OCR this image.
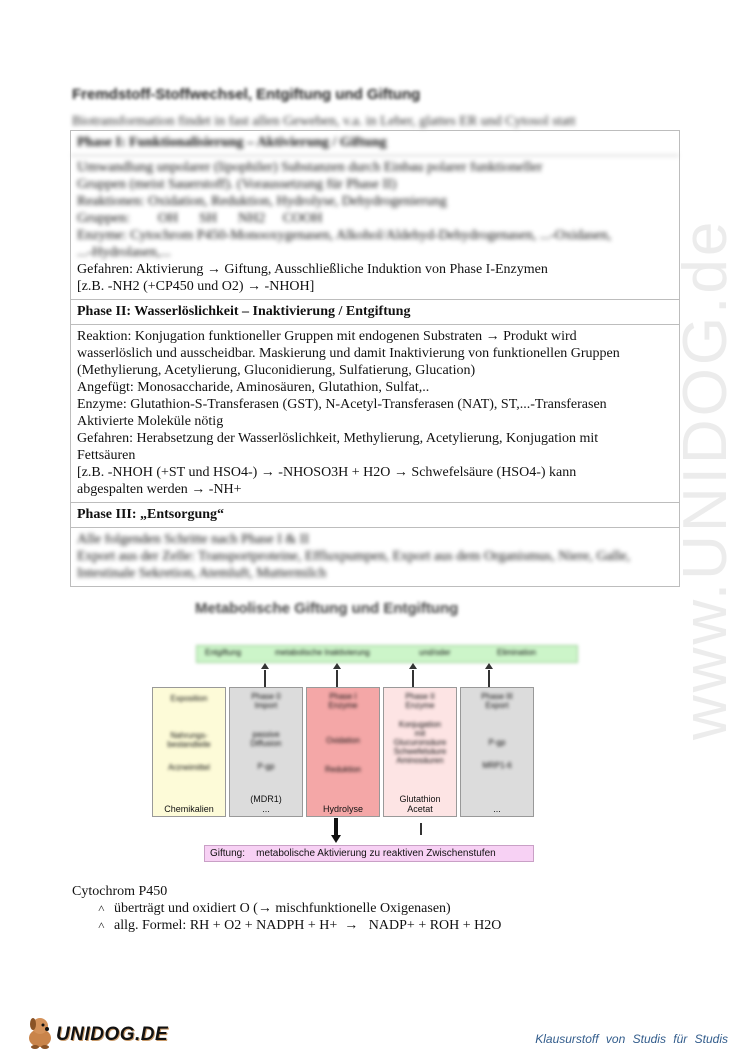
www.UNIDOG.de
Fremdstoff-Stoffwechsel, Entgiftung und Giftung
Biotransformation findet in fast allen Geweben, v.a. in Leber, glattes ER und Cytosol statt
Phase I: Funktionalisierung – Aktivierung / Giftung
Umwandlung unpolarer (lipophiler) Substanzen durch Einbau polarer funktioneller
Gruppen (meist Sauerstoff). (Voraussetzung für Phase II)
Reaktionen: Oxidation, Reduktion, Hydrolyse, Dehydrogenierung
Gruppen:        OH      SH      NH2     COOH
Enzyme: Cytochrom P450-Monooxygenasen, Alkohol/Aldehyd-Dehydrogenasen, ...-Oxidasen,
...-Hydrolasen,...
Gefahren: Aktivierung → Giftung, Ausschließliche Induktion von Phase I-Enzymen
[z.B. -NH2 (+CP450 und O2) → -NHOH]
Phase II: Wasserlöslichkeit – Inaktivierung / Entgiftung
Reaktion: Konjugation funktioneller Gruppen mit endogenen Substraten → Produkt wird
wasserlöslich und ausscheidbar. Maskierung und damit Inaktivierung von funktionellen Gruppen
(Methylierung, Acetylierung, Gluconidierung, Sulfatierung, Glucation)
Angefügt: Monosaccharide, Aminosäuren, Glutathion, Sulfat,..
Enzyme: Glutathion-S-Transferasen (GST), N-Acetyl-Transferasen (NAT), ST,...-Transferasen
Aktivierte Moleküle nötig
Gefahren: Herabsetzung der Wasserlöslichkeit, Methylierung, Acetylierung, Konjugation mit
Fettsäuren
[z.B. -NHOH (+ST und HSO4-) → -NHOSO3H + H2O → Schwefelsäure (HSO4-) kann
abgespalten werden → -NH+
Phase III: „Entsorgung“
Alle folgenden Schritte nach Phase I & II
Export aus der Zelle: Transportproteine, Effluxpumpen, Export aus dem Organismus, Niere, Galle,
Intestinale Sekretion, Atemluft, Muttermilch
Metabolische Giftung und Entgiftung
Entgiftung	metabolische Inaktivierung	und/oder	Elimination
Exposition
Nahrungs-
bestandteile
Arzneimittel
Chemikalien
Phase 0
Import
passive
Diffusion
P-gp
(MDR1)
...
Phase I
Enzyme
Oxidation
Reduktion
Hydrolyse
Phase II
Enzyme
Konjugation
mit
Glucuronsäure
Schwefelsäure
Aminosäuren
Glutathion
Acetat
Phase III
Export
P-gp
MRP1-6
...
Giftung:    metabolische Aktivierung zu reaktiven Zwischenstufen
Cytochrom P450
˄ überträgt und oxidiert O (→ mischfunktionelle Oxigenasen)
˄ allg. Formel: RH + O2 + NADPH + H+  →   NADP+ + ROH + H2O
UNIDOG.DE	Klausurstoff von Studis für Studis
